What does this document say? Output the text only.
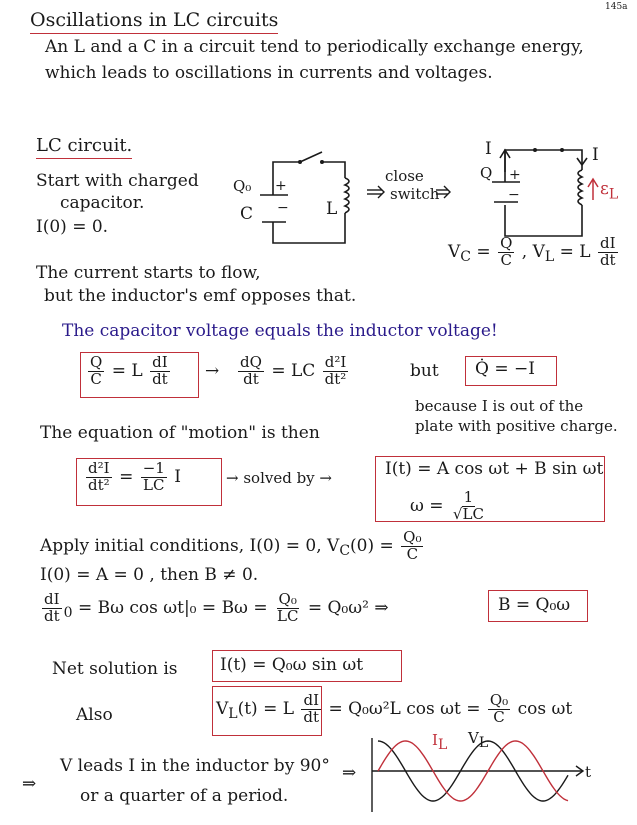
145a
Oscillations in LC circuits
An L and a C in a circuit tend to periodically exchange energy,
which leads to oscillations in currents and voltages.
LC circuit.
Start with charged
capacitor.
I(0) = 0.
Q₀ +
−
C	L
close
switch
I	I
Q +
−	$\varepsilon_L$
$V_C = \frac{Q}{C}$ , $V_L = L \frac{dI}{dt}$
The current starts to flow,
but the inductor's emf opposes that.
The capacitor voltage equals the inductor voltage!
$\frac{Q}{C} = L \frac{dI}{dt} \to \frac{dQ}{dt}$ = LC $\frac{\text{d²I}}{\text{dt²}}$	but Q̇ = −I
because I is out of the
plate with positive charge.
The equation of "motion" is then
$\frac{\text{d²I}}{\text{dt²}} = \frac{-1}{LC}$ I	→ solved by →	I(t) = A cos ωt + B sin ωt
$\omega = \frac{1}{√LC}$
Apply initial conditions, I(0) = 0, $V_C(0) = \frac{\text{Q₀}}{C}$
I(0) = A = 0 , then B ≠ 0.
$\frac{dI}{dt} _0 = B\omega$ $\cos \omega t|_0 = B\omega = \frac{\text{Q₀}}{LC} = Q_0\omega^2$ ⇒	B = Q₀ω
Net solution is I(t) = Q₀ω sin ωt
Also	$V_L(t) = L \frac{dI}{dt} = Q_0\omega^2L$ $\cos \omega t = \frac{\text{Q₀}}{C}$ cos ωt
⇒
V leads I in the inductor by 90°
or a quarter of a period.
⇒
$I_L$ $V_L$
t
